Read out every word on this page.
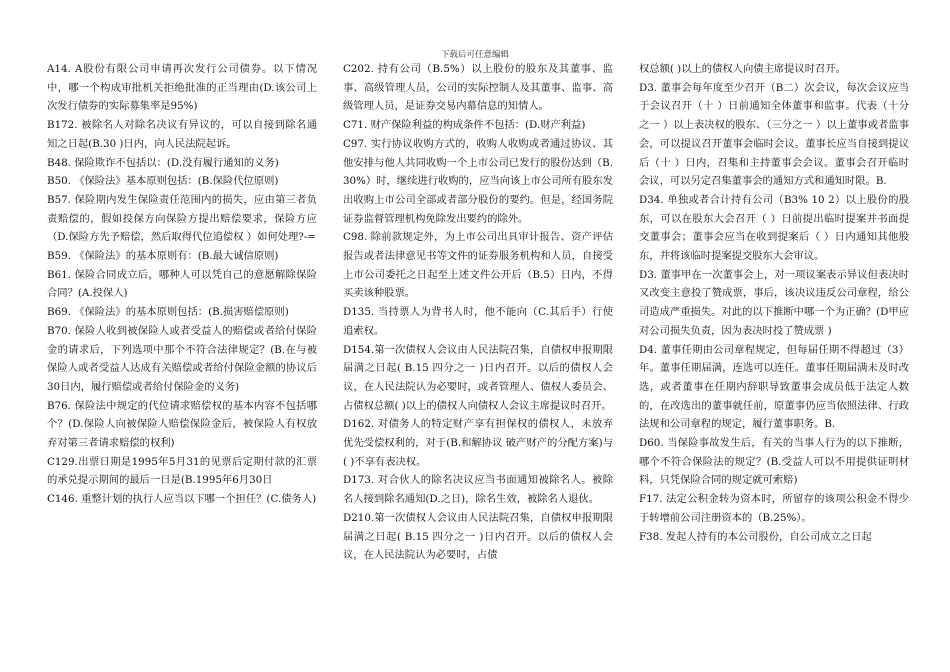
下载后可任意编辑

A14. A股份有限公司申请再次发行公司债券。以下情况中，哪一个构成审批机关拒绝批准的正当理由(D.该公司上次发行债券的实际募集率是95%)

B172. 被除名人对除名决议有异议的，可以自接到除名通知之日起(B.30 )日内，向人民法院起诉。

B48. 保险欺诈不包括以：(D.没有履行通知的义务)

B50. 《保险法》基本原则包括：(B.保险代位原则)

B57. 保险期内发生保险责任范围内的损失，应由第三者负责赔偿的，假如投保方向保险方提出赔偿要求，保险方应（D.保险方先予赔偿，然后取得代位追偿权 ）如何处理?-=

B59. 《保险法》的基本原则有：(B.最大诚信原则)

B61. 保险合同成立后，哪种人可以凭自己的意愿解除保险合同？(A.投保人)

B69. 《保险法》的基本原则包括：(B.损害赔偿原则)

B70. 保险人收到被保险人或者受益人的赔偿或者给付保险金的请求后，下列选项中那个不符合法律规定？(B.在与被保险人或者受益人达成有关赔偿或者给付保险金额的协议后30日内，履行赔偿或者给付保险金的义务)

B76. 保险法中规定的代位请求赔偿权的基本内容不包括哪个？(D.保险人向被保险人赔偿保险金后，被保险人有权放弃对第三者请求赔偿的权利)

C129.出票日期是1995年5月31的见票后定期付款的汇票的承兑提示期间的最后一日是(B.1995年6月30日

C146. 重整计划的执行人应当以下哪一个担任？(C.债务人)

C202. 持有公司（B.5%）以上股份的股东及其董事、监事、高级管理人员，公司的实际控制人及其董事、监事、高级管理人员，是证券交易内幕信息的知情人。

C71. 财产保险利益的构成条件不包括：(D.财产利益)

C97. 实行协议收购方式的，收购人收购或者通过协议、其他安排与他人共同收购一个上市公司已发行的股份达到（B.30%）时，继续进行收购的，应当向该上市公司所有股东发出收购上市公司全部或者部分股份的要约。但是，经国务院证券监督管理机构免除发出要约的除外。

C98. 除前款规定外，为上市公司出具审计报告、资产评估报告或者法律意见书等文件的证券服务机构和人员，自接受上市公司委托之日起至上述文件公开后（B.5）日内，不得买卖该种股票。

D135. 当持票人为背书人时，他不能向（C.其后手）行使追索权。

D154.第一次债权人会议由人民法院召集，自债权申报期限届满之日起( B.15 四分之一 )日内召开。以后的债权人会议，在人民法院认为必要时，或者管理人、债权人委员会、占债权总额( )以上的债权人向债权人会议主席提议时召开。

D162. 对债务人的特定财产享有担保权的债权人，未放弃优先受偿权利的，对于(B.和解协议 破产财产的分配方案)与( )不享有表决权。

D173. 对合伙人的除名决议应当书面通知被除名人。被除名人接到除名通知(D.之日)，除名生效，被除名人退伙。

D210.第一次债权人会议由人民法院召集，自债权申报期限届满之日起( B.15 四分之一 )日内召开。以后的债权人会议，在人民法院认为必要时，占债

权总额( )以上的债权人向债主席提议时召开。

D3. 董事会每年度至少召开（B二）次会议，每次会议应当于会议召开（十 ）日前通知全体董事和监事。代表（十分之一 ）以上表决权的股东、（三分之一 ）以上董事或者监事会，可以提议召开董事会临时会议。董事长应当自接到提议后（十 ）日内，召集和主持董事会会议。董事会召开临时会议，可以另定召集董事会的通知方式和通知时限。B.

D34. 单独或者合计持有公司（B3% 10 2）以上股份的股东，可以在股东大会召开（ ）日前提出临时提案并书面提交董事会；董事会应当在收到提案后（ ）日内通知其他股东，并将该临时提案提交股东大会审议。

D3. 董事甲在一次董事会上，对一项议案表示异议但表决时又改变主意投了赞成票，事后，该决议违反公司章程，给公司造成严重损失。对此的以下推断中哪一个为正确？(D甲应对公司损失负责，因为表决时投了赞成票 )

D4. 董事任期由公司章程规定，但每届任期不得超过（3）年。董事任期届满，连选可以连任。董事任期届满未及时改选，或者董事在任期内辞职导致董事会成员低于法定人数的，在改选出的董事就任前，原董事仍应当依照法律、行政法规和公司章程的规定，履行董事职务。B.

D60. 当保险事故发生后，有关的当事人行为的以下推断，哪个不符合保险法的规定？(B.受益人可以不用提供证明材料，只凭保险合同的规定就可索赔)

F17. 法定公积金转为资本时，所留存的该项公积金不得少于转增前公司注册资本的（B.25%）。

F38. 发起人持有的本公司股份，自公司成立之日起
